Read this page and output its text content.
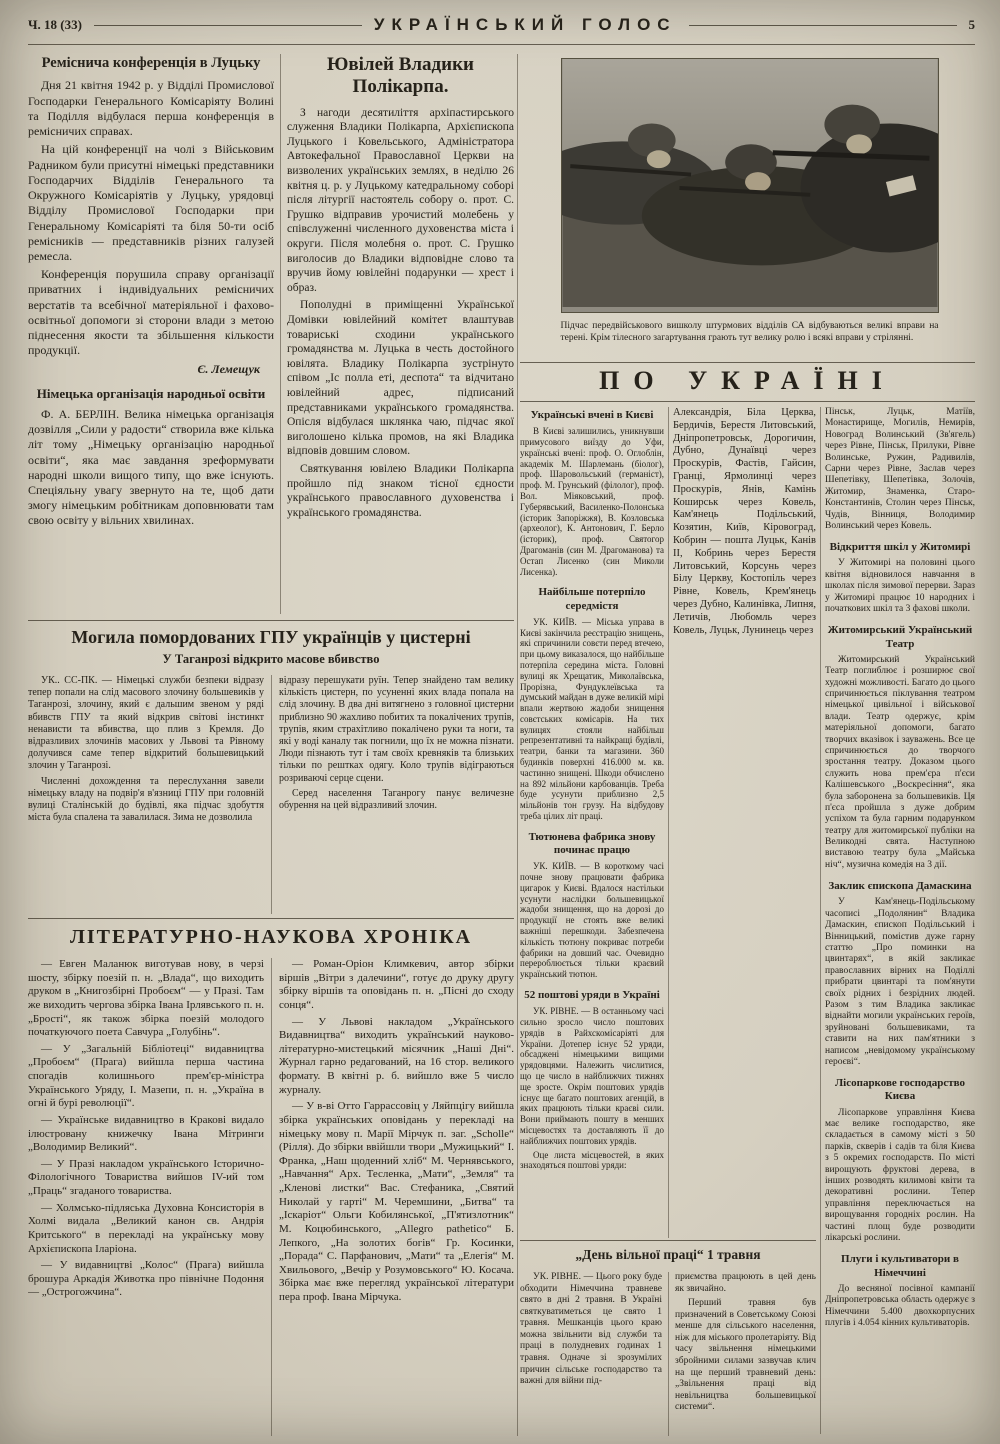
Ч. 18 (33)	УКРАЇНСЬКИЙ ГОЛОС	5
Реміснича конференція в Луцьку

Дня 21 квітня 1942 р. у Відділі Промислової Господарки Генерального Комісаріяту Волині та Поділля відбулася перша конференція в ремісничих справах.

На цій конференції на чолі з Військовим Радником були присутні німецькі представники Господарчих Відділів Генерального та Окружного Комісаріятів у Луцьку, урядовці Відділу Промислової Господарки при Генеральному Комісаріяті та біля 50-ти осіб ремісників — представників різних галузей ремесла.

Конференція порушила справу організації приватних і індивідуальних ремісничих верстатів та всебічної матеріяльної і фахово-освітньої допомоги зі сторони влади з метою піднесення якости та збільшення кількости продукції.

Є. Лемещук

Німецька організація народньої освіти

Ф. А. БЕРЛІН. Велика німецька організація дозвілля „Сили у радости“ створила вже кілька літ тому „Німецьку організацію народньої освіти“, яка має завдання зреформувати народні школи вищого типу, що вже існують. Спеціяльну увагу звернуто на те, щоб дати змогу німецьким робітникам доповнювати там свою освіту у вільних хвилинах.

Ювілей Владики Полікарпа.

З нагоди десятиліття архіпастирського служення Владики Полікарпа, Архієпископа Луцького і Ковельського, Адміністратора Автокефальної Православної Церкви на визволених українських землях, в неділю 26 квітня ц. р. у Луцькому катедральному соборі після літургії настоятель собору о. прот. С. Грушко відправив урочистий молебень у співслуженні численного духовенства міста і округи. Після молебня о. прот. С. Грушко виголосив до Владики відповідне слово та вручив йому ювілейні подарунки — хрест і образ.

Пополудні в приміщенні Української Домівки ювілейний комітет влаштував товариські сходини українського громадянства м. Луцька в честь достойного ювілята. Владику Полікарпа зустрінуто співом „Іс полла еті, деспота“ та відчитано ювілейний адрес, підписаний представниками українського громадянства. Опісля відбулася шклянка чаю, підчас якої виголошено кілька промов, на які Владика відповів довшим словом.

Святкування ювілею Владики Полікарпа пройшло під знаком тісної єдности українського православного духовенства і українського громадянства.

Підчас передвійськового вишколу штурмових відділів СА відбуваються великі вправи на терені. Крім тілесного загартування грають тут велику ролю і всякі вправи у стрілянні.
ПО УКРАЇНІ
Українські вчені в Києві

В Києві залишились, уникнувши примусового виїзду до Уфи, українські вчені: проф. О. Оглоблін, академік М. Шарлемань (біолог), проф. Шаровольський (германіст), проф. М. Грунський (філолог), проф. Вол. Міяковський, проф. Губерявський, Василенко-Полонська (історик Запоріжжя), В. Козловська (археолог), К. Антонович, Г. Берло (історик), проф. Святогор Драгоманів (син М. Драгоманова) та Остап Лисенко (син Миколи Лисенка).

Найбільше потерпіло середмістя

УК. КИЇВ. — Міська управа в Києві закінчила реєстрацію знищень, які спричинили совєти перед втечею, при цьому виказалося, що найбільше потерпіла середина міста. Головні вулиці як Хрещатик, Миколаївська, Прорізна, Фундуклеївська та думський майдан в дуже великій мірі впали жертвою жадоби знищення совєтських комісарів. На тих вулицях стояли найбільш репрезентативні та найкращі будівлі, театри, банки та магазини. 360 будинків поверхні 416.000 м. кв. частинно знищені. Шкоди обчислено на 892 мільйони карбованців. Треба буде усунути приблизно 2,5 мільйонів тон грузу. На відбудову треба цілих літ праці.

Тютюнева фабрика знову починає працю

УК. КИЇВ. — В короткому часі почне знову працювати фабрика цигарок у Києві. Вдалося настільки усунути наслідки большевицької жадоби знищення, що на дорозі до продукції не стоять вже великі важніші перешкоди. Забезпечена кількість тютюну покриває потреби фабрики на довший час. Очевидно перероблюється тільки краєвий український тютюн.

52 поштові уряди в Україні

УК. РІВНЕ. — В останньому часі сильно зросло число поштових урядів в Райхскомісаріяті для України. Дотепер існує 52 уряди, обсаджені німецькими вищими урядовцями. Належить числитися, що це число в найближчих тижнях ще зросте. Окрім поштових урядів існує ще багато поштових агенцій, в яких працюють тільки краєві сили. Вони приймають пошту в менших місцевостях та доставляють її до найближчих поштових урядів.

Оце листа місцевостей, в яких знаходяться поштові уряди:

Александрія, Біла Церква, Бердичів, Берестя Литовський, Дніпропетровськ, Дорогичин, Дубно, Дунаївці через Проскурів, Фастів, Гайсин, Гранці, Ярмолинці через Проскурів, Янів, Камінь Коширськ через Ковель, Кам'янець Подільський, Козятин, Київ, Кіровоград, Кобрин — пошта Луцьк, Канів II, Кобринь через Берестя Литовський, Корсунь через Білу Церкву, Костопіль через Рівне, Ковель, Крем'янець через Дубно, Калинівка, Липня, Летичів, Любомль через Ковель, Луцьк, Лунинець через

Пінськ, Луцьк, Матіїв, Монастирище, Могилів, Немирів, Новоград Волинський (Зв'ягель) через Рівне, Пінськ, Прилуки, Рівне Волинське, Ружин, Радивилів, Сарни через Рівне, Заслав через Шепетівку, Шепетівка, Золочів, Житомир, Знаменка, Старо-Константинів, Столин через Пінськ, Чудів, Вінниця, Володимир Волинський через Ковель.

Відкриття шкіл у Житомирі

У Житомирі на половині цього квітня відновилося навчання в школах після зимової перерви. Зараз у Житомирі працює 10 народних і початкових шкіл та 3 фахові школи.

Житомирський Український Театр

Житомирський Український Театр поглиблює і розширює свої художні можливості. Багато до цього спричинюється піклування театром німецької цивільної і військової влади. Театр одержує, крім матеріяльної допомоги, багато творчих вказівок і зауважень. Все це спричинюється до творчого зростання театру. Доказом цього служить нова прем'єра п'єси Калішевського „Воскресіння“, яка була заборонена за большевиків. Ця п'єса пройшла з дуже добрим успіхом та була гарним подарунком театру для житомирської публіки на Великодні свята. Наступною виставою театру була „Майська ніч“, музична комедія на 3 дії.

Заклик єпископа Дамаскина

У Кам'янець-Подільському часописі „Подолянин“ Владика Дамаскин, єпископ Подільський і Вінницький, помістив дуже гарну статтю „Про поминки на цвинтарях“, в якій закликає православних вірних на Поділлі прибрати цвинтарі та пом'янути своїх рідних і безрідних людей. Разом з тим Владика закликає віднайти могили українських героїв, зруйновані большевиками, та ставити на них пам'ятники з написом „невідомому українському героєві“.

Лісопаркове господарство Києва

Лісопаркове управління Києва має велике господарство, яке складається в самому місті з 50 парків, скверів і садів та біля Києва з 5 окремих господарств. По місті вирощують фруктові дерева, в інших розводять килимові квіти та декоративні рослини. Тепер управління переключається на вирощування городніх рослин. На частині площ буде розводити лікарські рослини.

Плуги і культиватори в Німеччині

До весняної посівної кампанії Дніпропетровська область одержує з Німеччини 5.400 двохкорпусних плугів і 4.054 кінних культиваторів.

Могила помордованих ГПУ українців у цистерні
У Таганрозі відкрито масове вбивство

УК.. СС-ПК. — Німецькі служби безпеки відразу тепер попали на слід масового злочину большевиків у Таганрозі, злочину, який є дальшим звеном у ряді вбивств ГПУ та який відкрив світові інстинкт ненависти та вбивства, що плив з Кремля. До відразливих злочинів масових у Львові та Рівному долучився саме тепер відкритий большевицький злочин у Таганрозі.

Численні дохождення та переслухання завели німецьку владу на подвір'я в'язниці ГПУ при головній вулиці Сталінській до будівлі, яка підчас здобуття міста була спалена та завалилася. Зима не дозволила

відразу перешукати руїн. Тепер знайдено там велику кількість цистерн, по усуненні яких влада попала на слід злочину. В два дні витягнено з головної цистерни приблизно 90 жахливо побитих та покалічених трупів, трупів, яким страхітливо покалічено руки та ноги, та які у воді каналу так погнили, що їх не можна пізнати. Люди пізнають тут і там своїх кревняків та близьких тільки по рештках одягу. Коло трупів відіграються розриваючі серце сцени.

Серед населення Таганрогу панує величезне обурення на цей відразливий злочин.

ЛІТЕРАТУРНО-НАУКОВА ХРОНІКА

— Евген Маланюк виготував нову, в черзі шосту, збірку поезій п. н. „Влада“, що виходить друком в „Книгозбірні Пробоєм“ — у Празі. Там же виходить чергова збірка Івана Ірлявського п. н. „Брості“, як також збірка поезій молодого початкуючого поета Савчура „Голубінь“.

— У „Загальній Бібліотеці“ видавництва „Пробоєм“ (Прага) вийшла перша частина спогадів колишнього прем'єр-міністра Українського Уряду, І. Мазепи, п. н. „Україна в огні й бурі революції“.

— Українське видавництво в Кракові видало ілюстровану книжечку Івана Мітринги „Володимир Великий“.

— У Празі накладом українського Історично-Філологічного Товариства вийшов IV-ий том „Праць“ згаданого товариства.

— Холмсько-підляська Духовна Консисторія в Холмі видала „Великий канон св. Андрія Критського“ в перекладі на українську мову Архієпископа Іларіона.

— У видавництві „Колос“ (Прага) вийшла брошура Аркадія Животка про північне Подоння — „Острогожчина“.

— Роман-Оріон Климкевич, автор збірки віршів „Вітри з далечини“, готує до друку другу збірку віршів та оповідань п. н. „Пісні до сходу сонця“.

— У Львові накладом „Українського Видавництва“ виходить український науково-літературно-мистецький місячник „Наші Дні“. Журнал гарно редагований, на 16 стор. великого формату. В квітні р. б. вийшло вже 5 число журналу.

— У в-ві Отто Гаррассовіц у Ляйпцігу вийшла збірка українських оповідань у перекладі на німецьку мову п. Марії Мірчук п. заг. „Scholle“ (Рілля). До збірки ввійшли твори „Мужицький“ І. Франка, „Наш щоденний хліб“ М. Чернявського, „Навчання“ Арх. Тесленка, „Мати“, „Земля“ та „Кленові листки“ Вас. Стефаника, „Святий Николай у гарті“ М. Черемшини, „Битва“ та „Іскаріот“ Ольги Кобилянської, „П'ятизлотник“ М. Коцюбинського, „Allegro pathetico“ Б. Лепкого, „На золотих богів“ Гр. Косинки, „Порада“ С. Парфанович, „Мати“ та „Елегія“ М. Хвильового, „Вечір у Розумовського“ Ю. Косача. Збірка має вже перегляд української літератури пера проф. Івана Мірчука.

„День вільної праці“ 1 травня

УК. РІВНЕ. — Цього року буде обходити Німеччина травневе свято в дні 2 травня. В Україні святкуватиметься це свято 1 травня. Мешканців цього краю можна звільнити від служби та праці в полудневих годинах 1 травня. Одначе зі зрозумілих причин сільське господарство та важні для війни під-

приємства працюють в цей день як звичайно.

Перший травня був призначений в Советському Союзі менше для сільського населення, ніж для міського пролетаріяту. Від часу звільнення німецькими збройними силами зазвучав клич на ще перший травневий день: „Звільнення праці від невільництва большевицької системи“.
